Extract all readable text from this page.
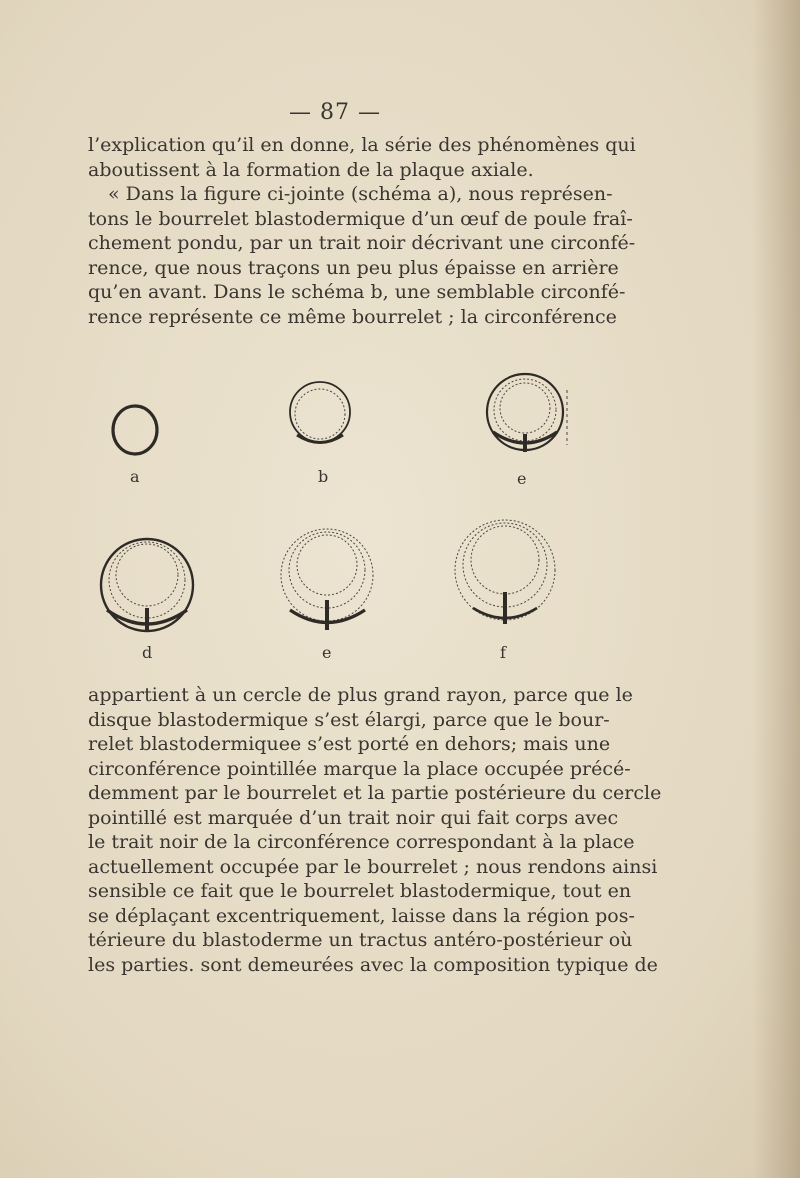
— 87 —

l’explication qu’il en donne, la série des phénomènes qui
aboutissent à la formation de la plaque axiale.

« Dans la figure ci-jointe (schéma a), nous représen-
tons le bourrelet blastodermique d’un œuf de poule fraî-
chement pondu, par un trait noir décrivant une circonfé-
rence, que nous traçons un peu plus épaisse en arrière
qu’en avant. Dans le schéma b, une semblable circonfé-
rence représente ce même bourrelet ; la circonférence

a	b	e
d	e	f

appartient à un cercle de plus grand rayon, parce que le
disque blastodermique s’est élargi, parce que le bour-
relet blastodermiquee s’est porté en dehors; mais une
circonférence pointillée marque la place occupée précé-
demment par le bourrelet et la partie postérieure du cercle
pointillé est marquée d’un trait noir qui fait corps avec
le trait noir de la circonférence correspondant à la place
actuellement occupée par le bourrelet ; nous rendons ainsi
sensible ce fait que le bourrelet blastodermique, tout en
se déplaçant excentriquement, laisse dans la région pos-
térieure du blastoderme un tractus antéro-postérieur où
les parties. sont demeurées avec la composition typique de
